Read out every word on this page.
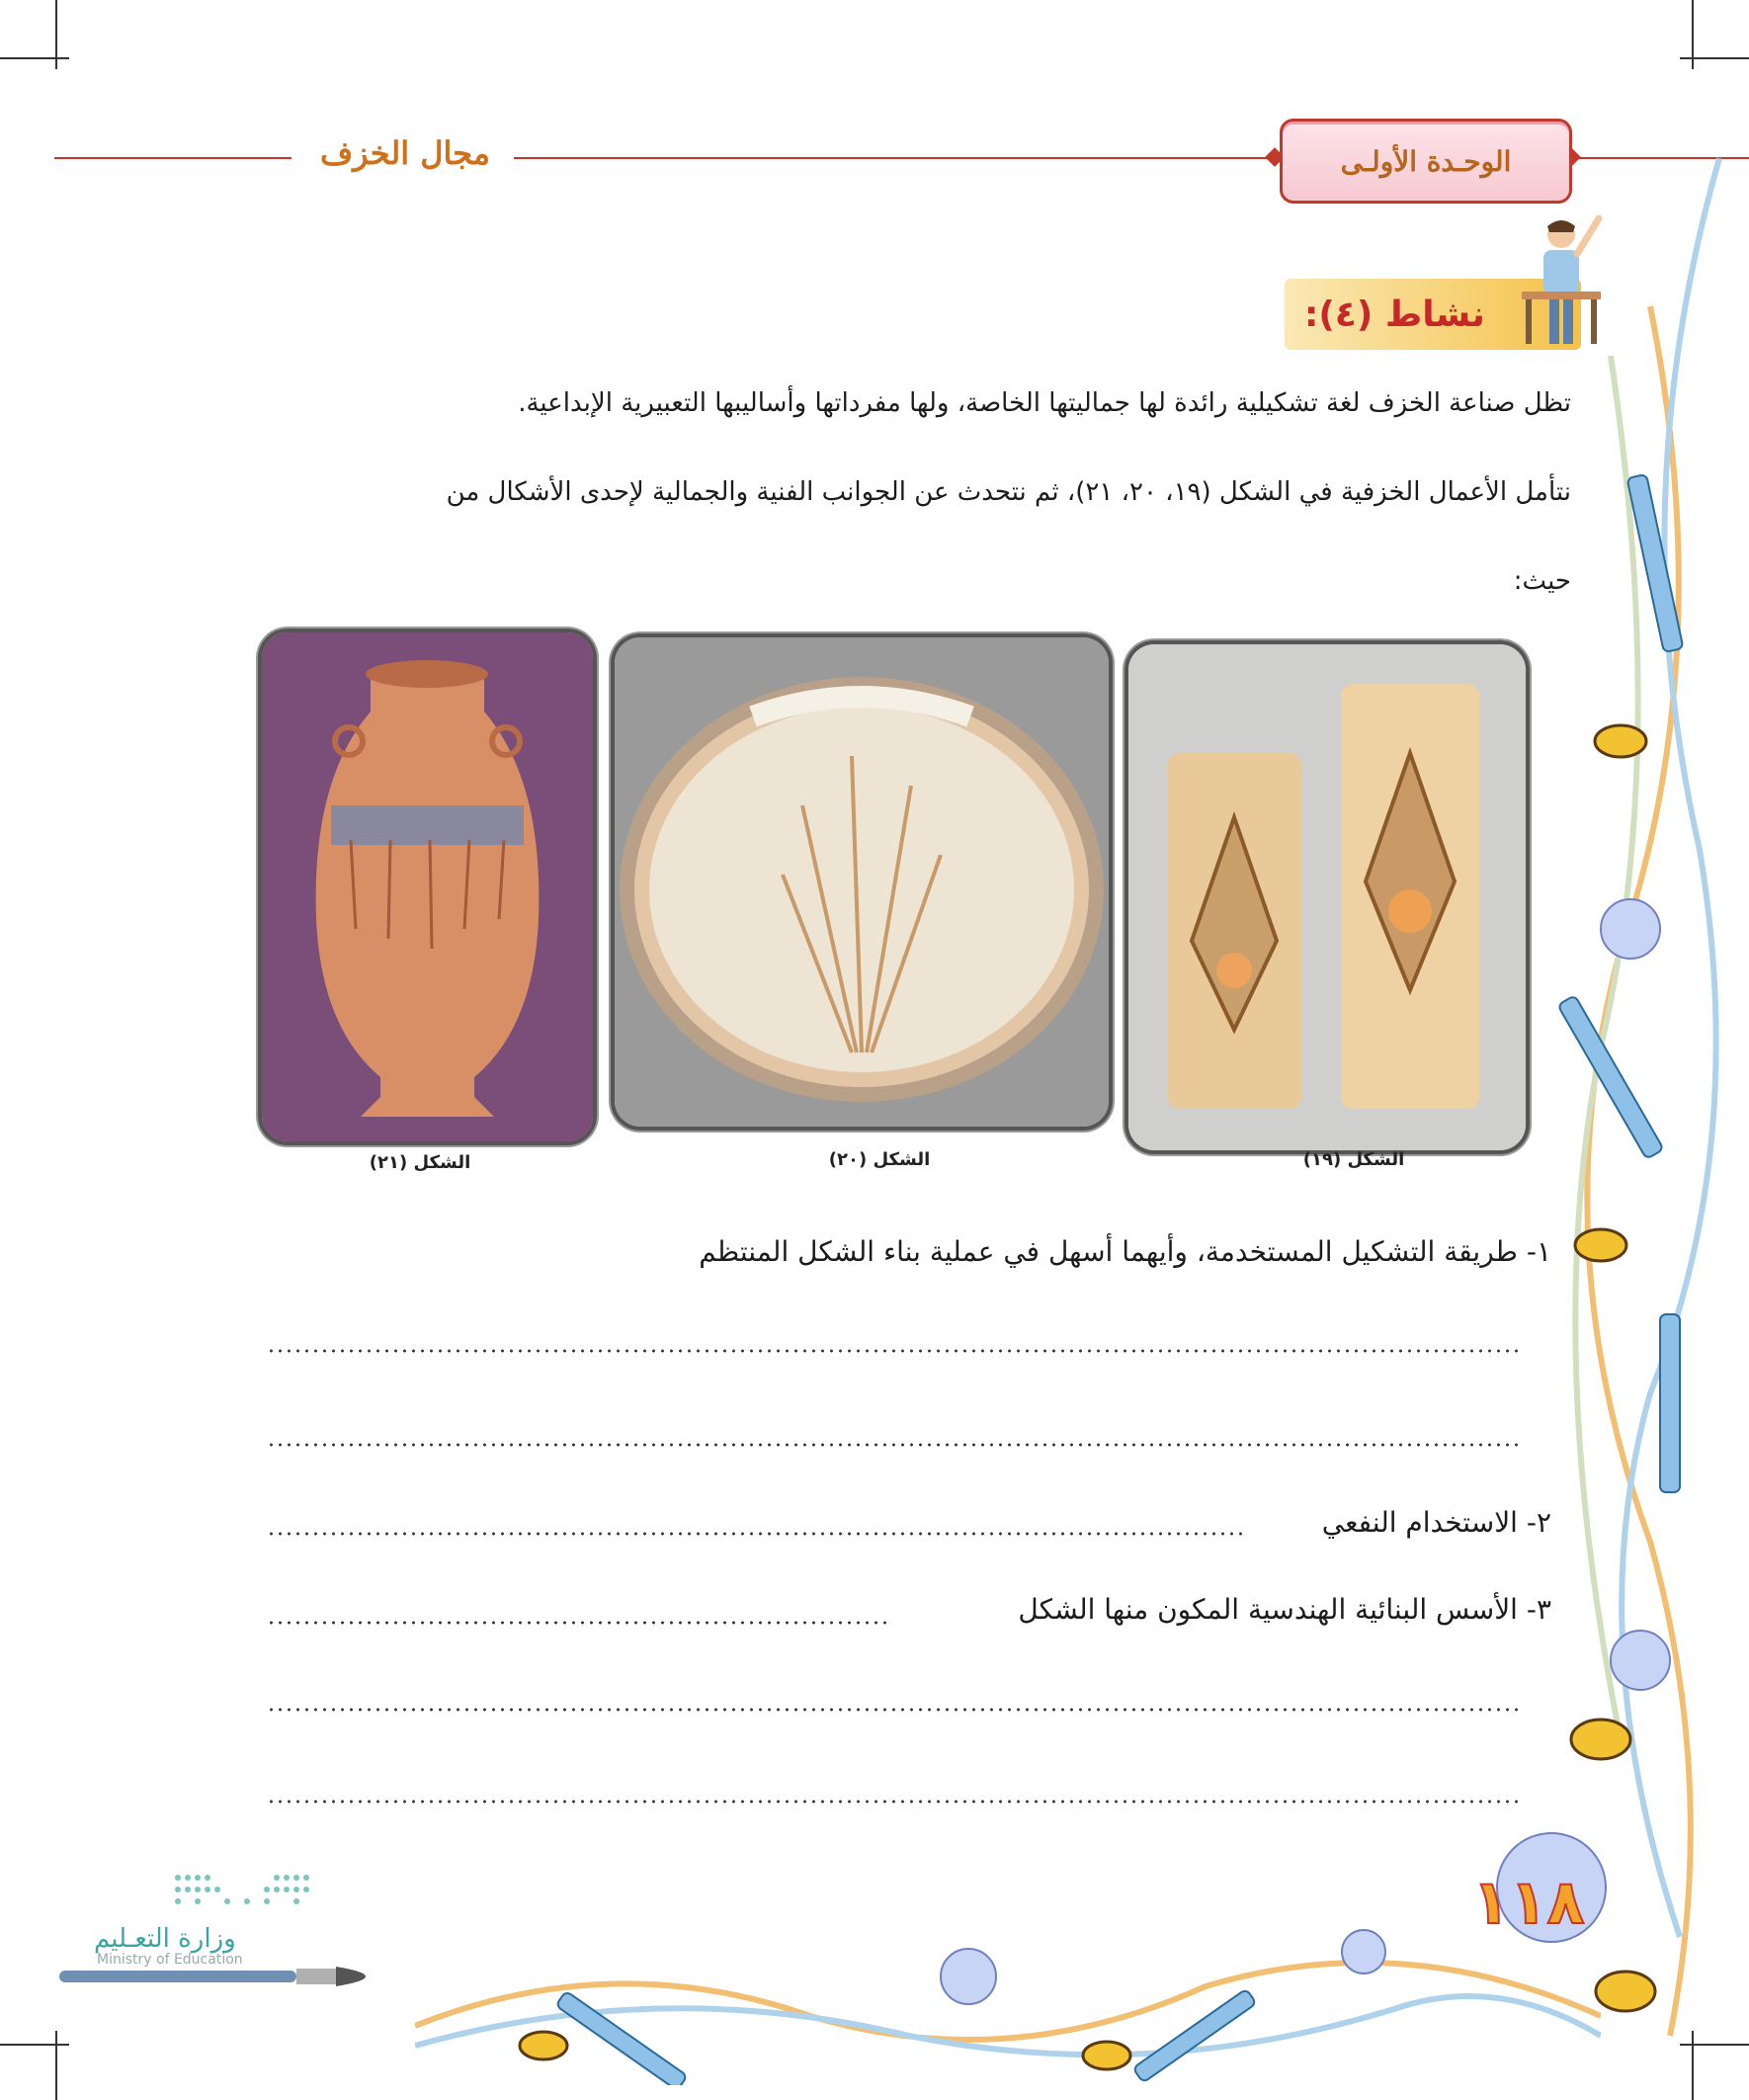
مجال الخزف	الوحـدة الأولـى
نشاط (٤):
تظل صناعة الخزف لغة تشكيلية رائدة لها جماليتها الخاصة، ولها مفرداتها وأساليبها التعبيرية الإبداعية.
نتأمل الأعمال الخزفية في الشكل (١٩، ٢٠، ٢١)، ثم نتحدث عن الجوانب الفنية والجمالية لإحدى الأشكال من
حيث:
الشكل (١٩)
الشكل (٢٠)
الشكل (٢١)
١- طريقة التشكيل المستخدمة، وأيهما أسهل في عملية بناء الشكل المنتظم
٢- الاستخدام النفعي
٣- الأسس البنائية الهندسية المكون منها الشكل
١١٨
وزارة التعـليم
Ministry of Education
